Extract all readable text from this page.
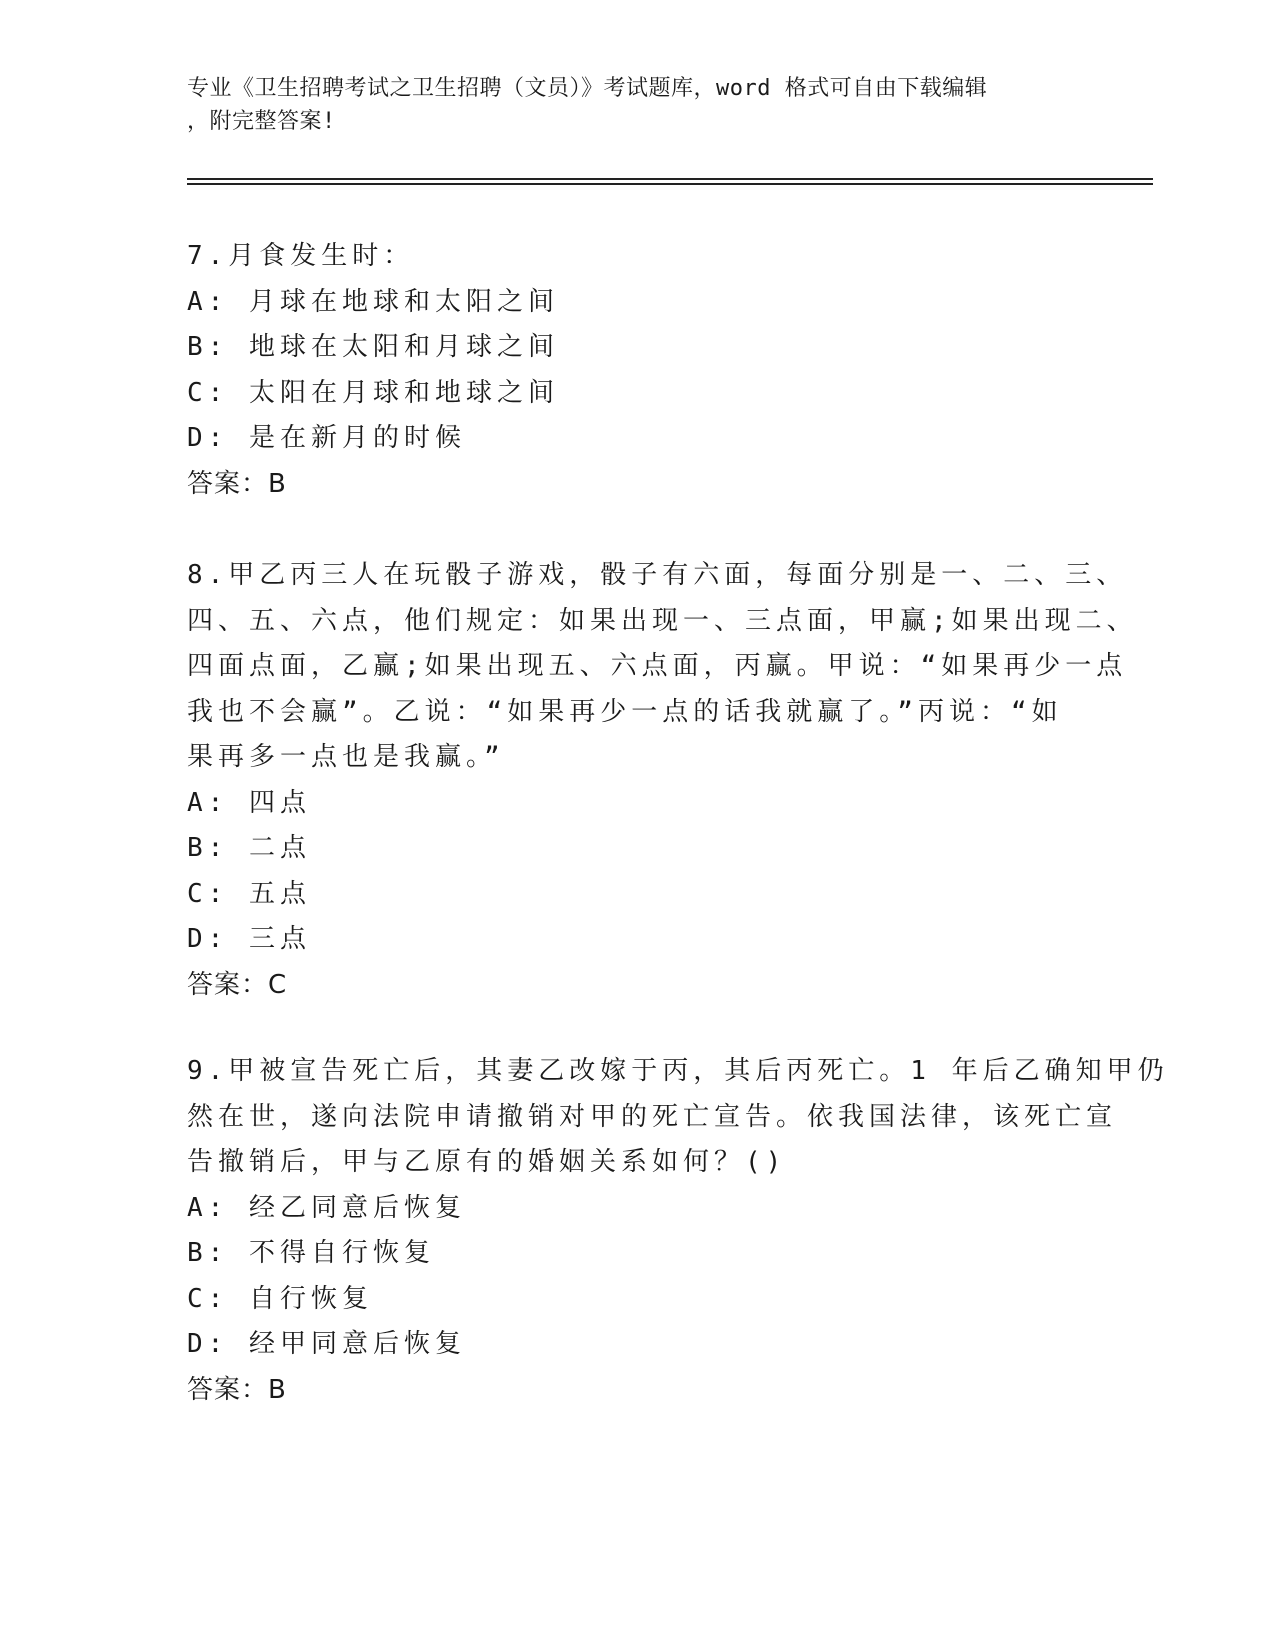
专业《卫生招聘考试之卫生招聘（文员）》考试题库，word 格式可自由下载编辑
，附完整答案!
7.月食发生时：
A: 月球在地球和太阳之间
B: 地球在太阳和月球之间
C: 太阳在月球和地球之间
D: 是在新月的时候
答案：B
8.甲乙丙三人在玩骰子游戏，骰子有六面，每面分别是一、二、三、
四、五、六点，他们规定：如果出现一、三点面，甲赢;如果出现二、
四面点面，乙赢;如果出现五、六点面，丙赢。甲说：“如果再少一点
我也不会赢”。乙说：“如果再少一点的话我就赢了。”丙说：“如
果再多一点也是我赢。”
A: 四点
B: 二点
C: 五点
D: 三点
答案：C
9.甲被宣告死亡后，其妻乙改嫁于丙，其后丙死亡。1 年后乙确知甲仍
然在世，遂向法院申请撤销对甲的死亡宣告。依我国法律，该死亡宣
告撤销后，甲与乙原有的婚姻关系如何？()
A: 经乙同意后恢复
B: 不得自行恢复
C: 自行恢复
D: 经甲同意后恢复
答案：B
